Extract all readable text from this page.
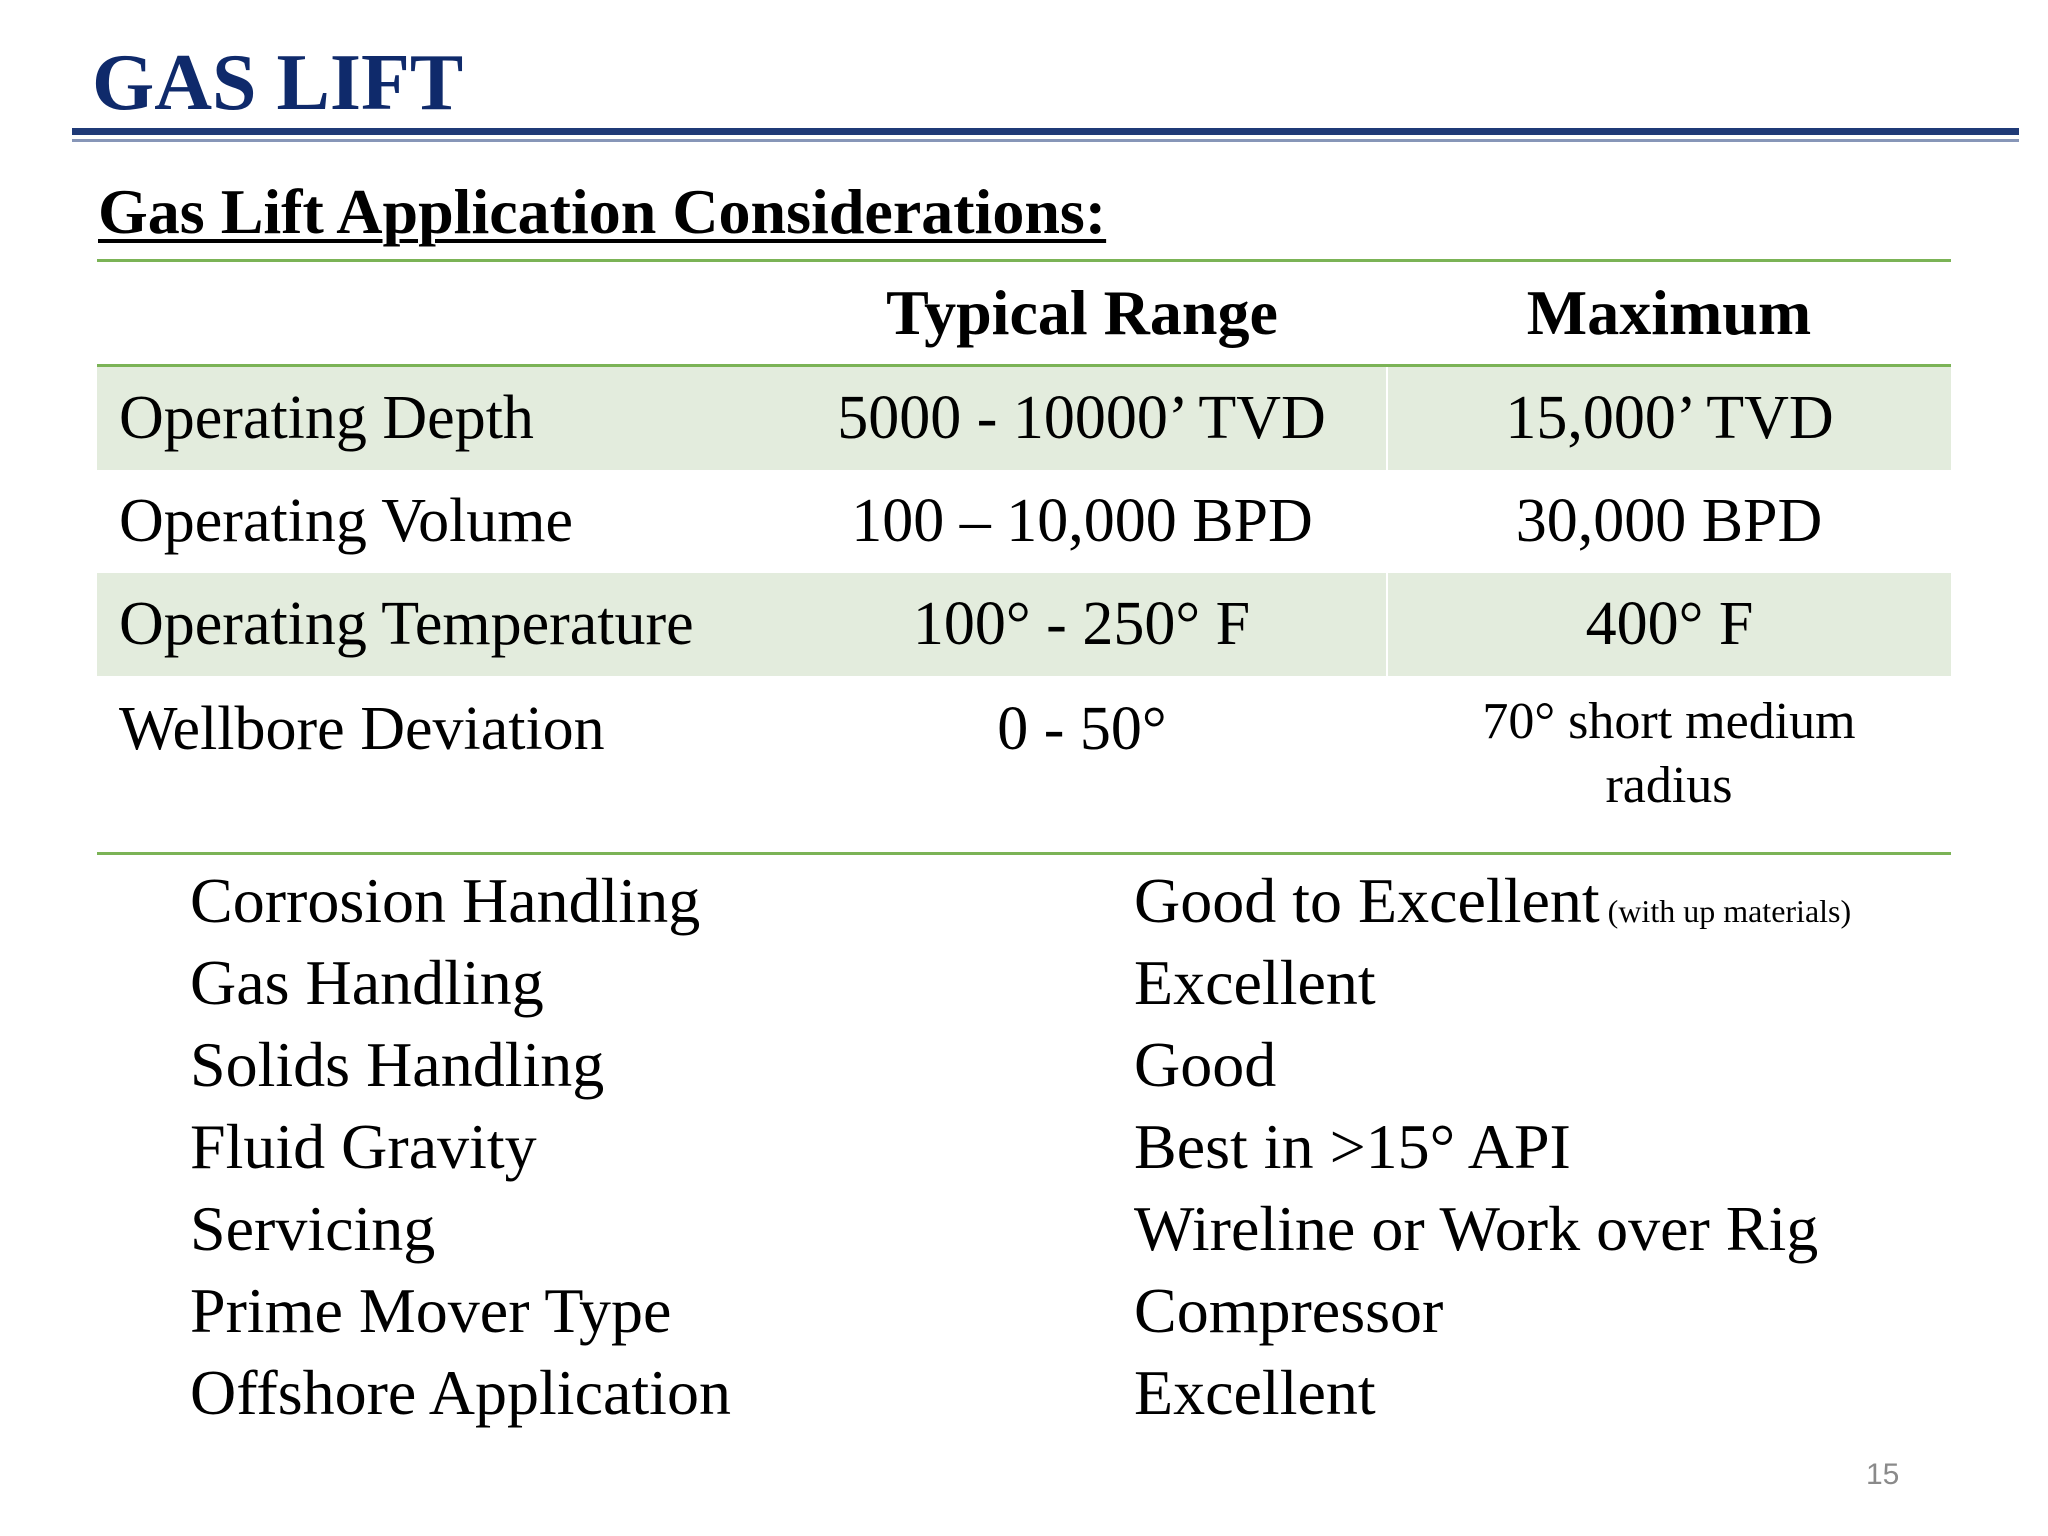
GAS LIFT
Gas Lift Application Considerations:
	Typical Range	Maximum
Operating Depth	5000 - 10000’ TVD	15,000’ TVD
Operating Volume	100 – 10,000 BPD	30,000 BPD
Operating Temperature	100° - 250° F	400° F
Wellbore Deviation	0 - 50°	70° short medium
radius
Corrosion Handling	Good to Excellent (with up materials)
Gas Handling	Excellent
Solids Handling	Good
Fluid Gravity	Best in >15° API
Servicing	Wireline or Work over Rig
Prime Mover Type	Compressor
Offshore Application	Excellent
15
